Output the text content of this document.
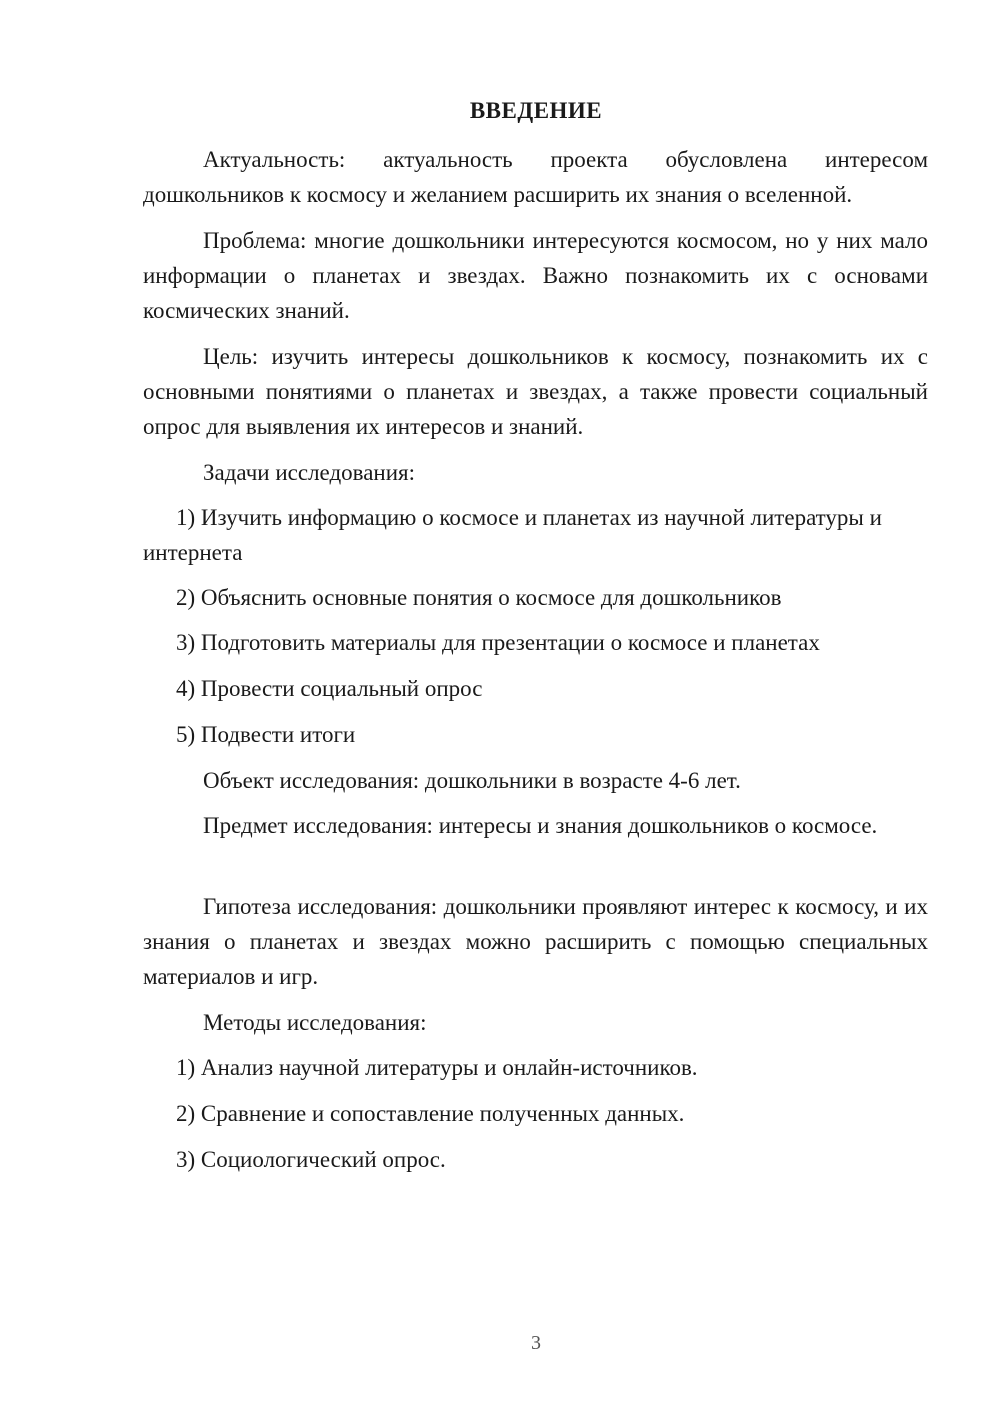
ВВЕДЕНИЕ

Актуальность: актуальность проекта обусловлена интересом дошкольников к космосу и желанием расширить их знания о вселенной.

Проблема: многие дошкольники интересуются космосом, но у них мало информации о планетах и звездах. Важно познакомить их с основами космических знаний.

Цель: изучить интересы дошкольников к космосу, познакомить их с основными понятиями о планетах и звездах, а также провести социальный опрос для выявления их интересов и знаний.

Задачи исследования:

1) Изучить информацию о космосе и планетах из научной литературы и интернета

2) Объяснить основные понятия о космосе для дошкольников

3) Подготовить материалы для презентации о космосе и планетах

4) Провести социальный опрос

5) Подвести итоги

Объект исследования: дошкольники в возрасте 4-6 лет.

Предмет исследования: интересы и знания дошкольников о космосе.

Гипотеза исследования: дошкольники проявляют интерес к космосу, и их знания о планетах и звездах можно расширить с помощью специальных материалов и игр.

Методы исследования:

1) Анализ научной литературы и онлайн-источников.

2) Сравнение и сопоставление полученных данных.

3) Социологический опрос.

3
